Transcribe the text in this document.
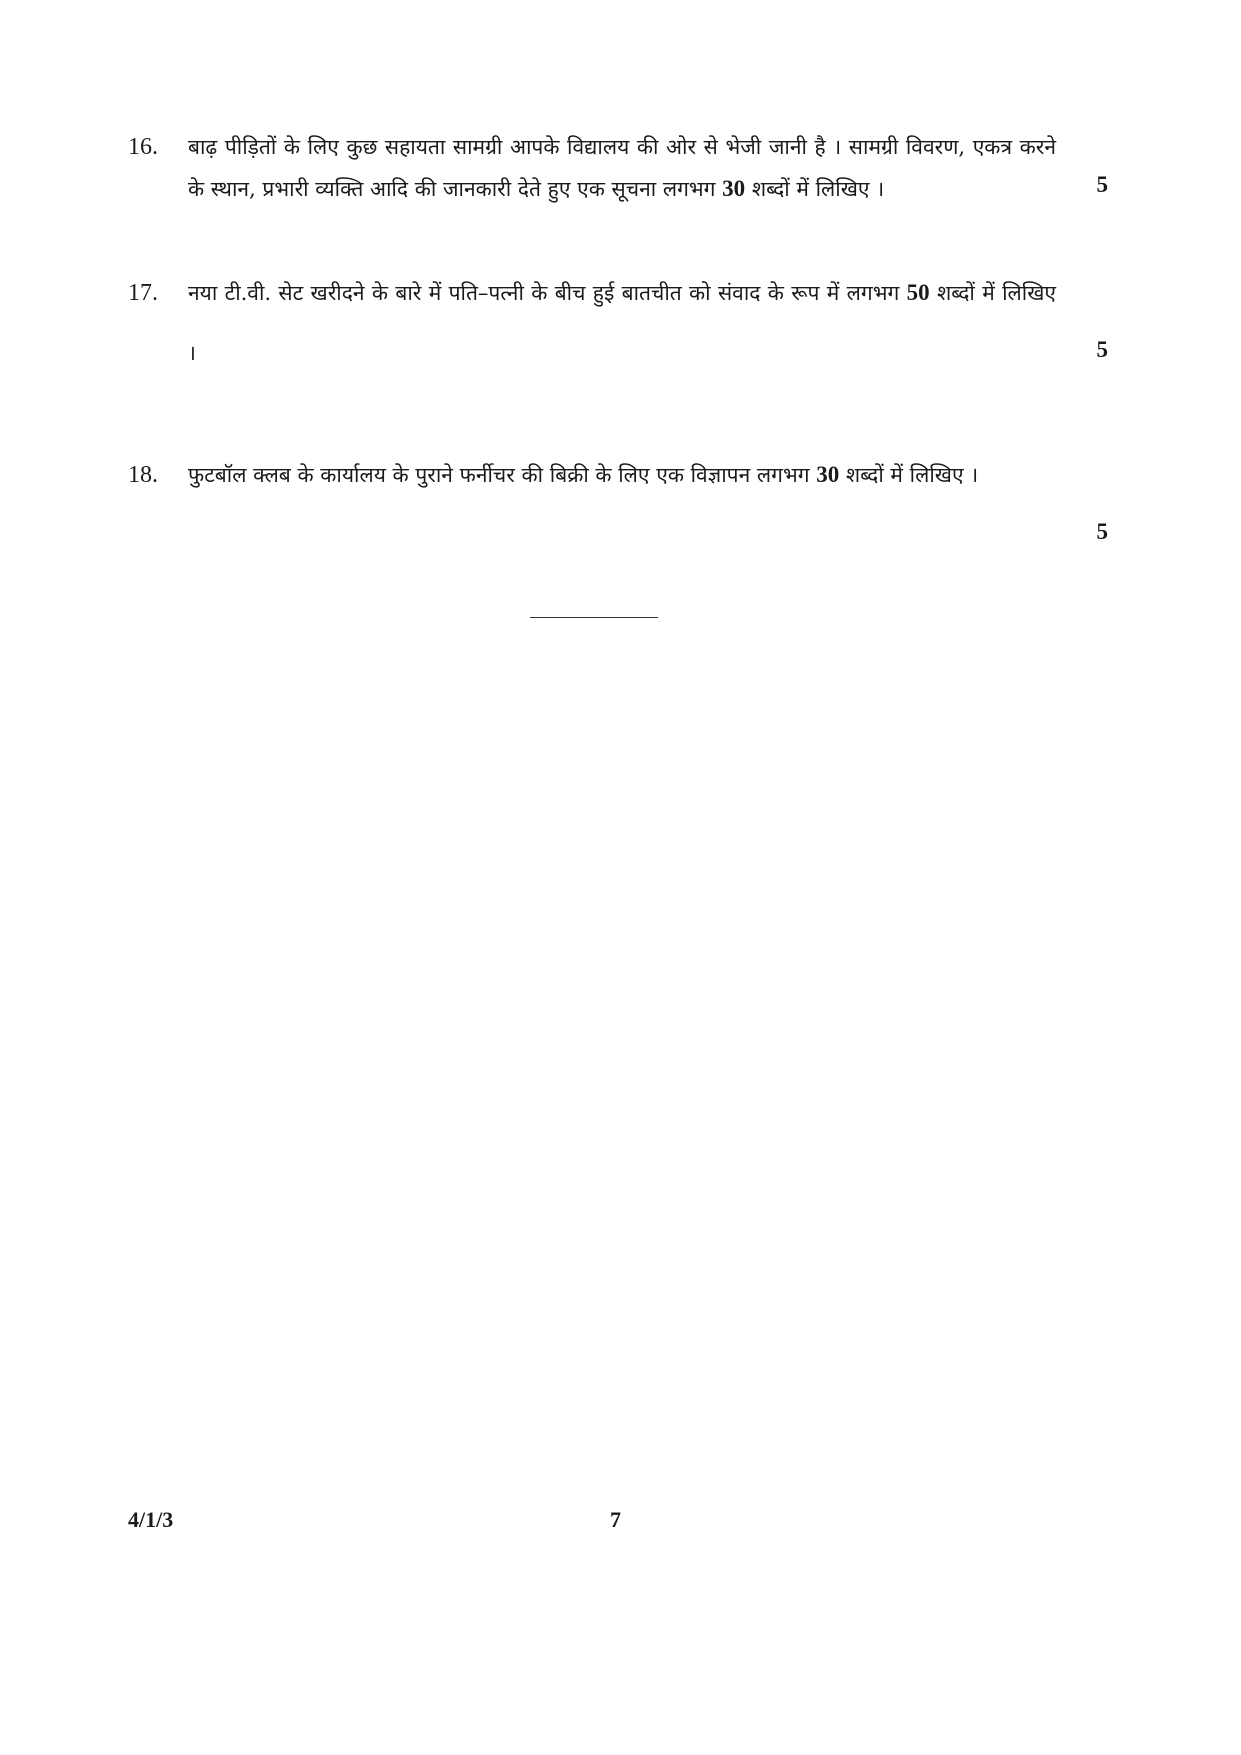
16. बाढ़ पीड़ितों के लिए कुछ सहायता सामग्री आपके विद्यालय की ओर से भेजी जानी है । सामग्री विवरण, एकत्र करने के स्थान, प्रभारी व्यक्ति आदि की जानकारी देते हुए एक सूचना लगभग 30 शब्दों में लिखिए ।	5
17. नया टी.वी. सेट खरीदने के बारे में पति–पत्नी के बीच हुई बातचीत को संवाद के रूप में लगभग 50 शब्दों में लिखिए ।	5
18. फुटबॉल क्लब के कार्यालय के पुराने फर्नीचर की बिक्री के लिए एक विज्ञापन लगभग 30 शब्दों में लिखिए ।
5
4/1/3	7
